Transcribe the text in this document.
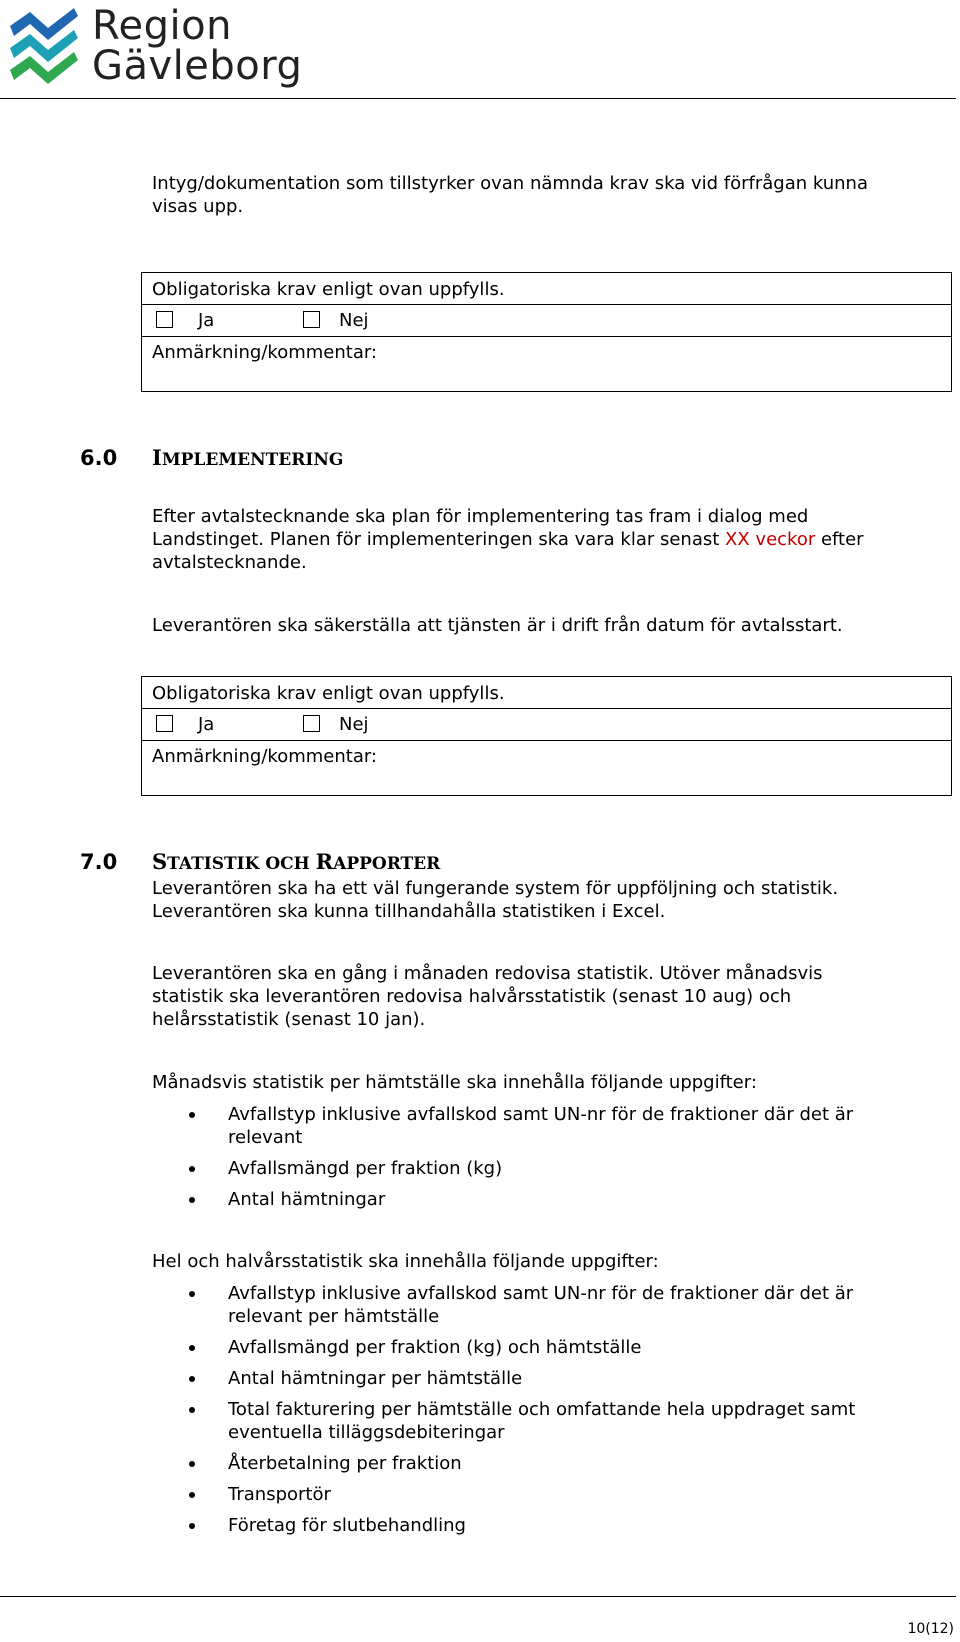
Region
Gävleborg
Intyg/dokumentation som tillstyrker ovan nämnda krav ska vid förfrågan kunna
visas upp.
Obligatoriska krav enligt ovan uppfylls.
Ja	Nej
Anmärkning/kommentar:
6.0 IMPLEMENTERING
Efter avtalstecknande ska plan för implementering tas fram i dialog med
Landstinget. Planen för implementeringen ska vara klar senast XX veckor efter
avtalstecknande.
Leverantören ska säkerställa att tjänsten är i drift från datum för avtalsstart.
Obligatoriska krav enligt ovan uppfylls.
Ja	Nej
Anmärkning/kommentar:
7.0 STATISTIK OCH RAPPORTER
Leverantören ska ha ett väl fungerande system för uppföljning och statistik.
Leverantören ska kunna tillhandahålla statistiken i Excel.
Leverantören ska en gång i månaden redovisa statistik. Utöver månadsvis
statistik ska leverantören redovisa halvårsstatistik (senast 10 aug) och
helårsstatistik (senast 10 jan).
Månadsvis statistik per hämtställe ska innehålla följande uppgifter:
Avfallstyp inklusive avfallskod samt UN-nr för de fraktioner där det är
relevant
Avfallsmängd per fraktion (kg)
Antal hämtningar
Hel och halvårsstatistik ska innehålla följande uppgifter:
Avfallstyp inklusive avfallskod samt UN-nr för de fraktioner där det är
relevant per hämtställe
Avfallsmängd per fraktion (kg) och hämtställe
Antal hämtningar per hämtställe
Total fakturering per hämtställe och omfattande hela uppdraget samt
eventuella tilläggsdebiteringar
Återbetalning per fraktion
Transportör
Företag för slutbehandling
10(12)
